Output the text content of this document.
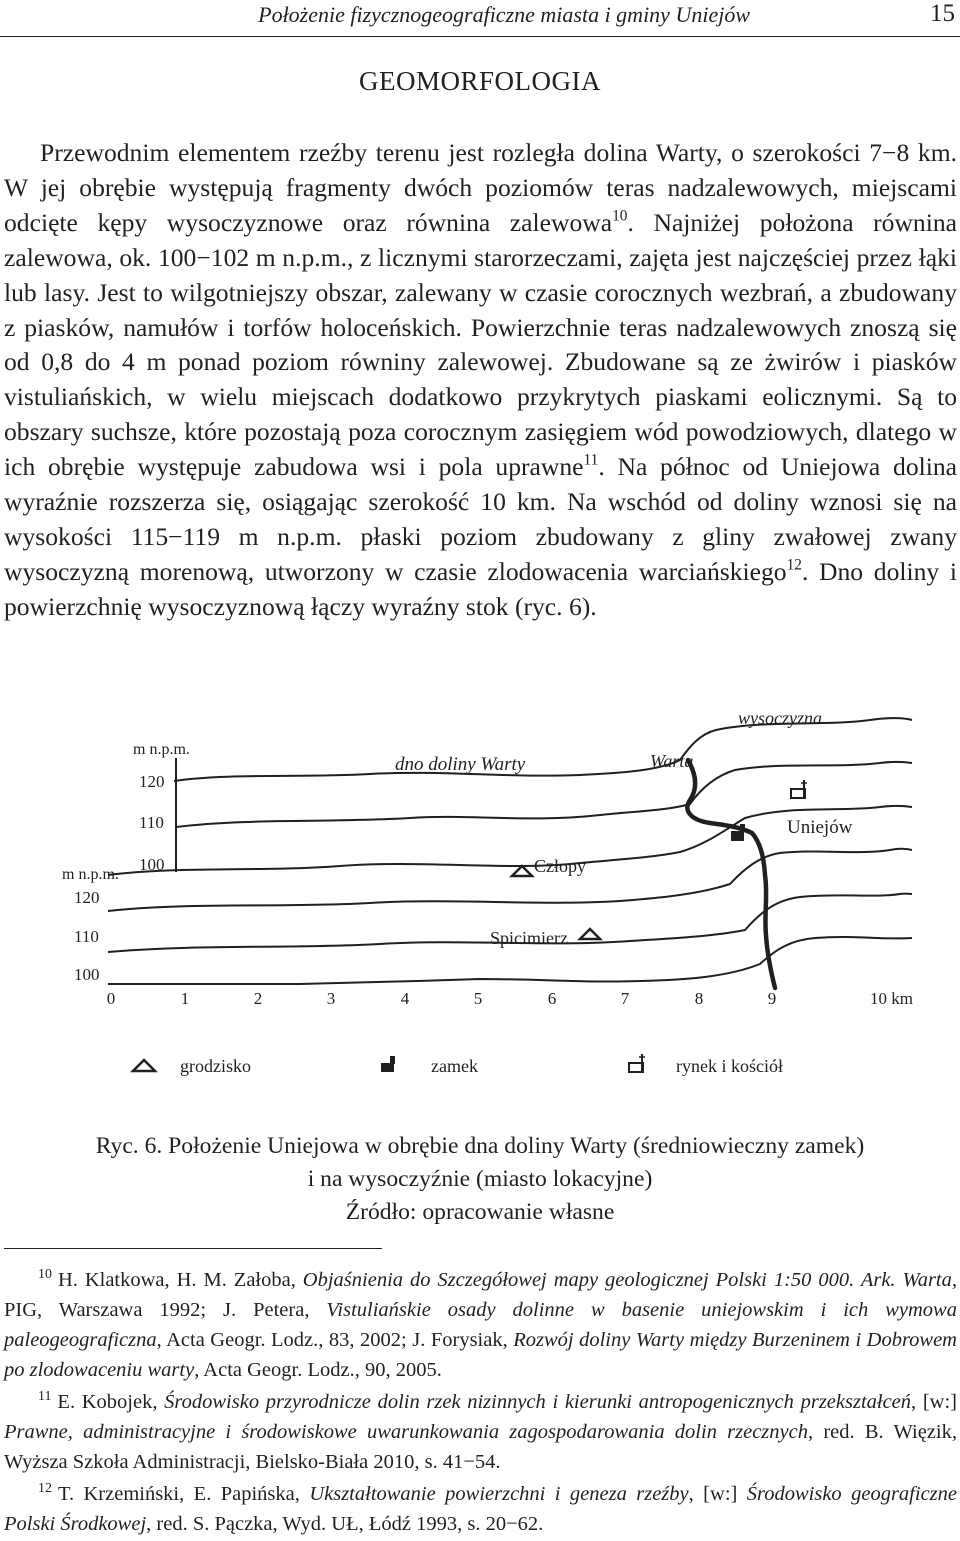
Położenie fizycznogeograficzne miasta i gminy Uniejów	15
GEOMORFOLOGIA

Przewodnim elementem rzeźby terenu jest rozległa dolina Warty, o szerokości 7−8 km. W jej obrębie występują fragmenty dwóch poziomów teras nadzalewowych, miejscami odcięte kępy wysoczyznowe oraz równina zalewowa$^{10}$. Najniżej położona równina zalewowa, ok. 100−102 m n.p.m., z licznymi starorzeczami, zajęta jest najczęściej przez łąki lub lasy. Jest to wilgotniejszy obszar, zalewany w czasie corocznych wezbrań, a zbudowany z piasków, namułów i torfów holoceńskich. Powierzchnie teras nadzalewowych znoszą się od 0,8 do 4 m ponad poziom równiny zalewowej. Zbudowane są ze żwirów i piasków vistuliańskich, w wielu miejscach dodatkowo przykrytych piaskami eolicznymi. Są to obszary suchsze, które pozostają poza corocznym zasięgiem wód powodziowych, dlatego w ich obrębie występuje zabudowa wsi i pola uprawne$^{11}$. Na północ od Uniejowa dolina wyraźnie rozszerza się, osiągając szerokość 10 km. Na wschód od doliny wznosi się na wysokości 115−119 m n.p.m. płaski poziom zbudowany z gliny zwałowej zwany wysoczyzną morenową, utworzony w czasie zlodowacenia warciańskiego$^{12}$. Dno doliny i powierzchnię wysoczyznową łączy wyraźny stok (ryc. 6).

m n.p.m.
120
110
100
m n.p.m.
120
110
100
0	1	2	3	4	5	6	7	8	9	10 km
wysoczyzna
dno doliny Warty	Warta
Uniejów
Człopy
Spicimierz
grodzisko	zamek	rynek i kościół
Ryc. 6. Położenie Uniejowa w obrębie dna doliny Warty (średniowieczny zamek)
i na wysoczyźnie (miasto lokacyjne)
Źródło: opracowanie własne

$^{10}$ H. Klatkowa, H. M. Załoba, Objaśnienia do Szczegółowej mapy geologicznej Polski 1:50 000. Ark. Warta, PIG, Warszawa 1992; J. Petera, Vistuliańskie osady dolinne w basenie uniejowskim i ich wymowa paleogeograficzna, Acta Geogr. Lodz., 83, 2002; J. Forysiak, Rozwój doliny Warty między Burzeninem i Dobrowem po zlodowaceniu warty, Acta Geogr. Lodz., 90, 2005.

$^{11}$ E. Kobojek, Środowisko przyrodnicze dolin rzek nizinnych i kierunki antropogenicznych przekształceń, [w:] Prawne, administracyjne i środowiskowe uwarunkowania zagospodarowania dolin rzecznych, red. B. Więzik, Wyższa Szkoła Administracji, Bielsko-Biała 2010, s. 41−54.

$^{12}$ T. Krzemiński, E. Papińska, Ukształtowanie powierzchni i geneza rzeźby, [w:] Środowisko geograficzne Polski Środkowej, red. S. Pączka, Wyd. UŁ, Łódź 1993, s. 20−62.
